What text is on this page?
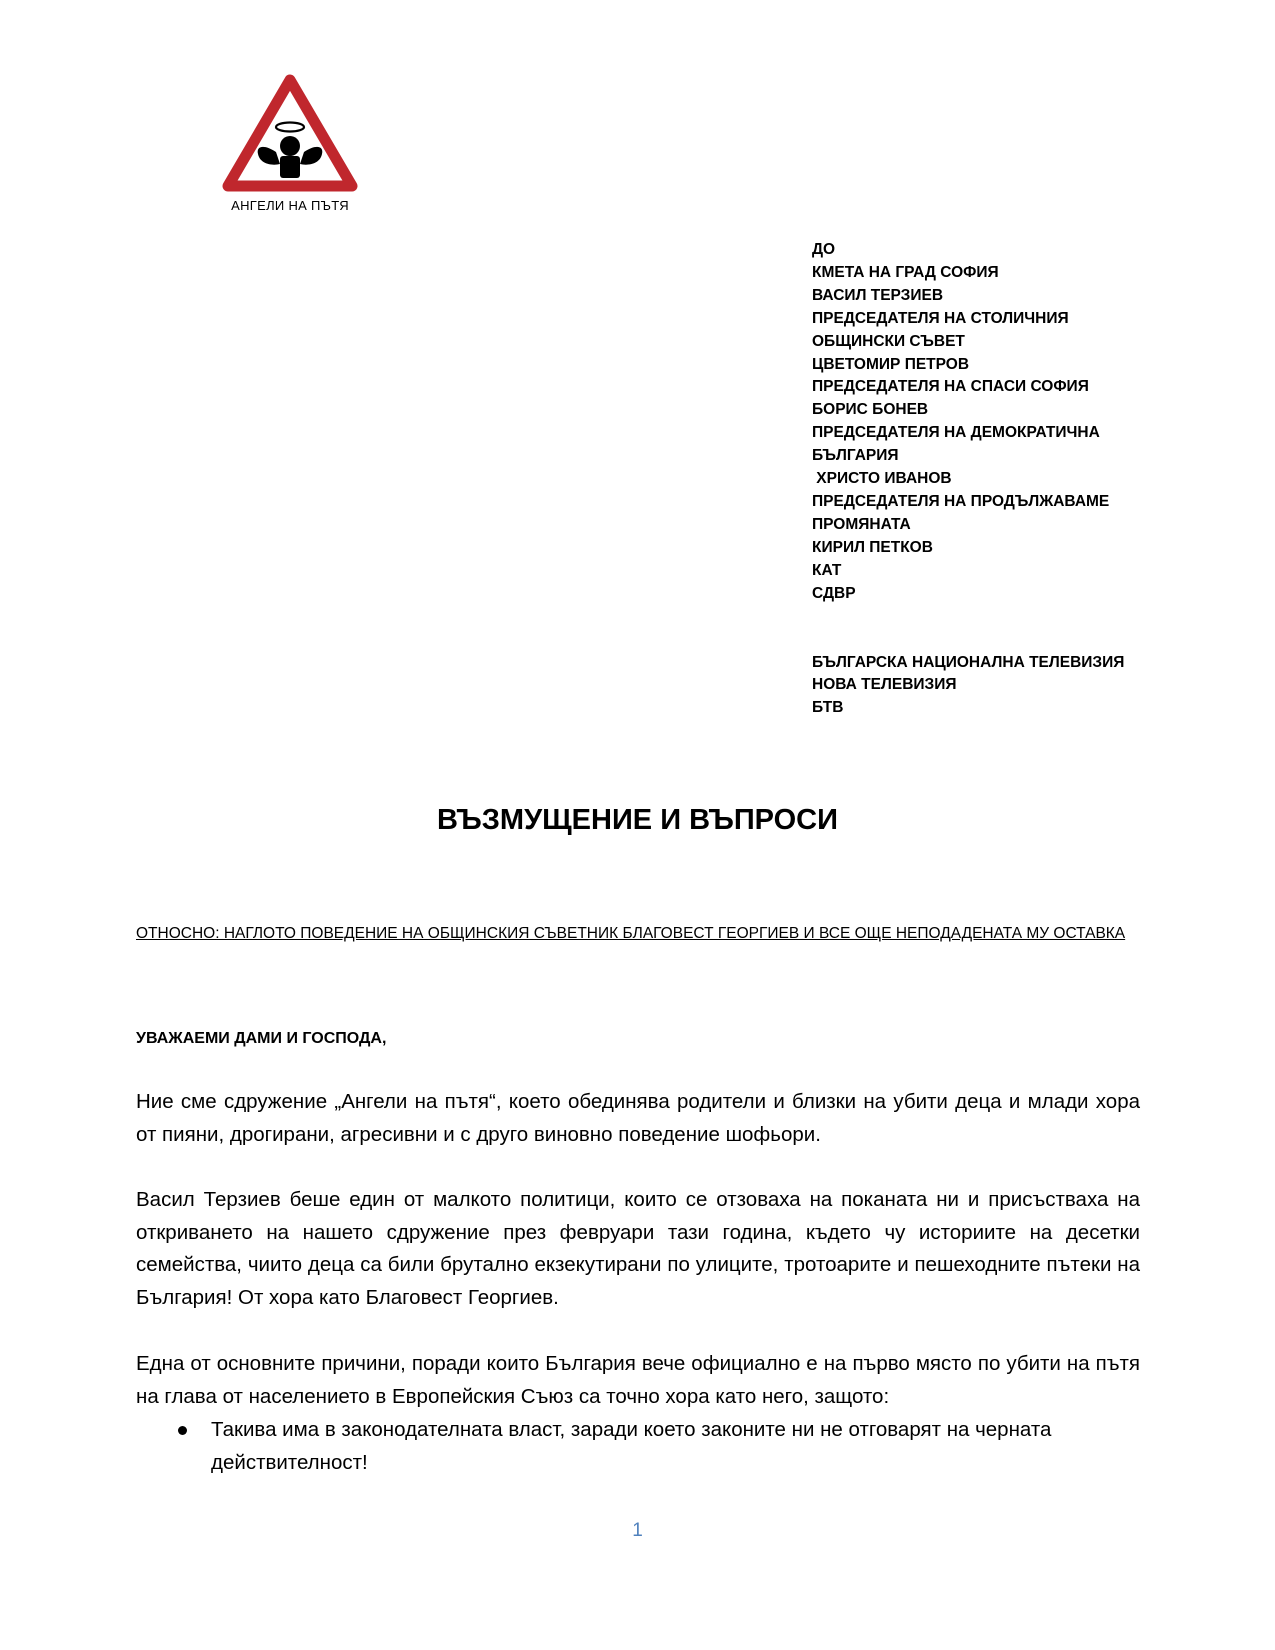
АНГЕЛИ НА ПЪТЯ
ДО
КМЕТА НА ГРАД СОФИЯ
ВАСИЛ ТЕРЗИЕВ
ПРЕДСЕДАТЕЛЯ НА СТОЛИЧНИЯ
ОБЩИНСКИ СЪВЕТ
ЦВЕТОМИР ПЕТРОВ
ПРЕДСЕДАТЕЛЯ НА СПАСИ СОФИЯ
БОРИС БОНЕВ
ПРЕДСЕДАТЕЛЯ НА ДЕМОКРАТИЧНА
БЪЛГАРИЯ
ХРИСТО ИВАНОВ
ПРЕДСЕДАТЕЛЯ НА ПРОДЪЛЖАВАМЕ
ПРОМЯНАТА
КИРИЛ ПЕТКОВ
КАТ
СДВР
БЪЛГАРСКА НАЦИОНАЛНА ТЕЛЕВИЗИЯ
НОВА ТЕЛЕВИЗИЯ
БТВ
ВЪЗМУЩЕНИЕ И ВЪПРОСИ
ОТНОСНО: НАГЛОТО ПОВЕДЕНИЕ НА ОБЩИНСКИЯ СЪВЕТНИК БЛАГОВЕСТ ГЕОРГИЕВ И ВСЕ ОЩЕ НЕПОДАДЕНАТА МУ ОСТАВКА
УВАЖАЕМИ ДАМИ И ГОСПОДА,
Ние сме сдружение „Ангели на пътя“, което обединява родители и близки на убити деца и млади хора от пияни, дрогирани, агресивни и с друго виновно поведение шофьори.
Васил Терзиев беше един от малкото политици, които се отзоваха на поканата ни и присъстваха на откриването на нашето сдружение през февруари тази година, където чу историите на десетки семейства, чиито деца са били брутално екзекутирани по улиците, тротоарите и пешеходните пътеки на България! От хора като Благовест Георгиев.
Една от основните причини, поради които България вече официално е на първо място по убити на пътя на глава от населението в Европейския Съюз са точно хора като него, защото:
Такива има в законодателната власт, заради което законите ни не отговарят на черната действителност!
1
